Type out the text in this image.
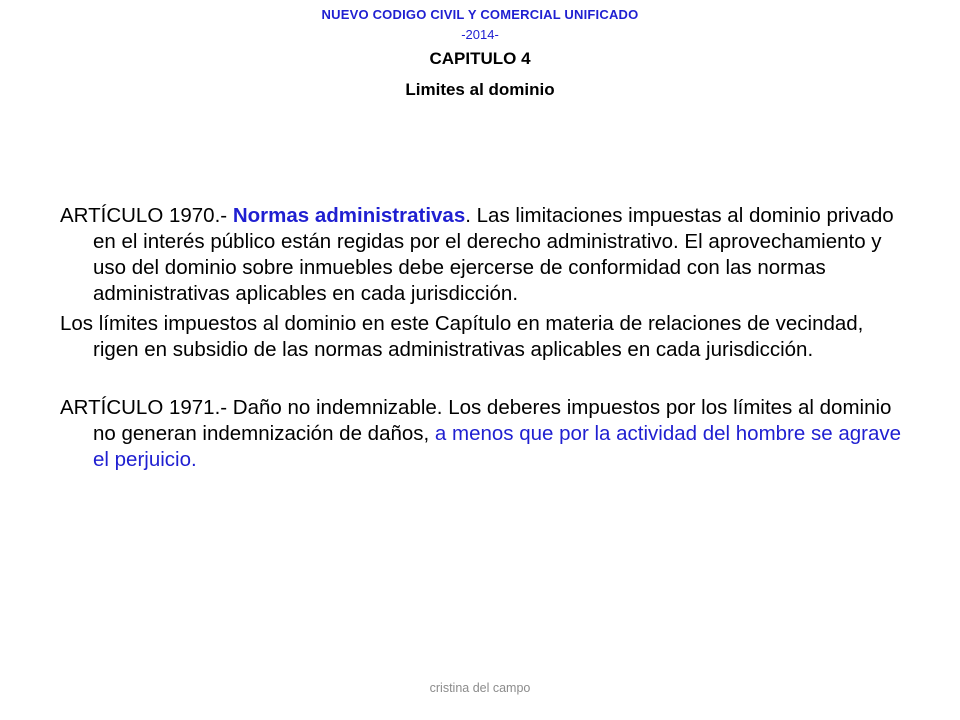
NUEVO CODIGO CIVIL Y COMERCIAL UNIFICADO
-2014-
CAPITULO 4
Limites al dominio

ARTÍCULO 1970.- Normas administrativas. Las limitaciones impuestas al dominio privado en el interés público están regidas por el derecho administrativo. El aprovechamiento y uso del dominio sobre inmuebles debe ejercerse de conformidad con las normas administrativas aplicables en cada jurisdicción.

Los límites impuestos al dominio en este Capítulo en materia de relaciones de vecindad, rigen en subsidio de las normas administrativas aplicables en cada jurisdicción.

ARTÍCULO 1971.- Daño no indemnizable. Los deberes impuestos por los límites al dominio no generan indemnización de daños, a menos que por la actividad del hombre se agrave el perjuicio.

cristina del campo
